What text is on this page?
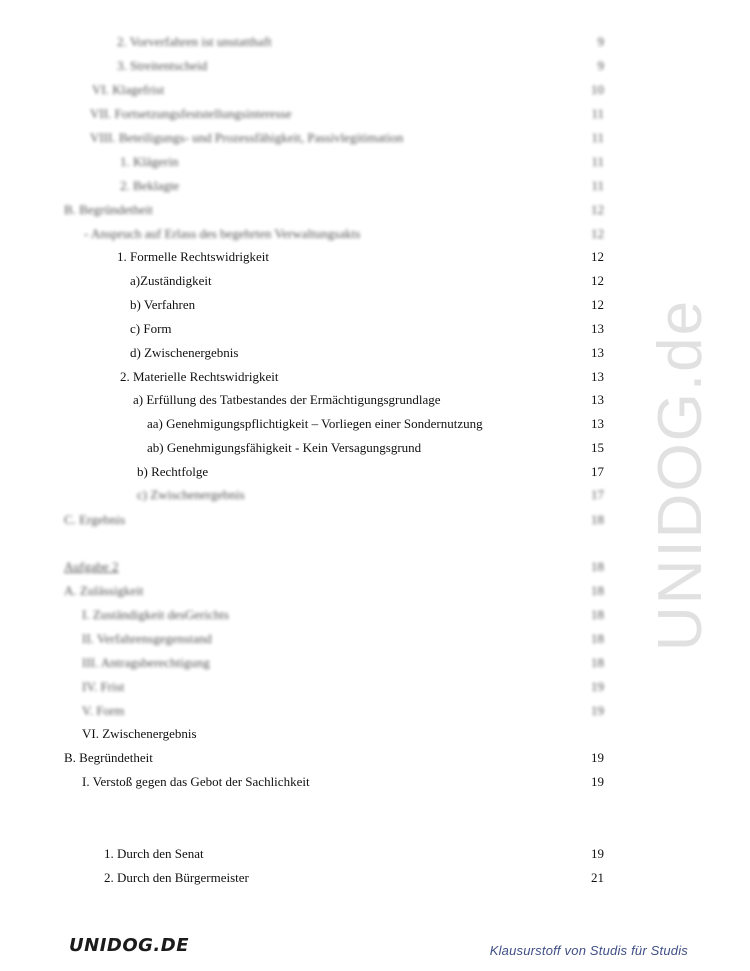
UNIDOG.de
2. Vorverfahren ist unstatthaft	9
3. Streitentscheid	9
VI. Klagefrist	10
VII. Fortsetzungsfeststellungsinteresse	11
VIII. Beteiligungs- und Prozessfähigkeit, Passivlegitimation	11
1. Klägerin	11
2. Beklagte	11
B. Begründetheit	12
- Anspruch auf Erlass des begehrten Verwaltungsakts	12
1. Formelle Rechtswidrigkeit	12
a)Zuständigkeit	12
b) Verfahren	12
c) Form	13
d) Zwischenergebnis	13
2. Materielle Rechtswidrigkeit	13
a) Erfüllung des Tatbestandes der Ermächtigungsgrundlage	13
aa) Genehmigungspflichtigkeit – Vorliegen einer Sondernutzung	13
ab) Genehmigungsfähigkeit - Kein Versagungsgrund	15
b) Rechtfolge	17
c) Zwischenergebnis	17
C. Ergebnis	18
Aufgabe 2	18
A. Zulässigkeit	18
I. Zuständigkeit desGerichts	18
II. Verfahrensgegenstand	18
III. Antragsberechtigung	18
IV. Frist	19
V. Form	19
VI. Zwischenergebnis
B. Begründetheit	19
I. Verstoß gegen das Gebot der Sachlichkeit	19
1. Durch den Senat	19
2. Durch den Bürgermeister	21
UNIDOG.DE	Klausurstoff von Studis für Studis
